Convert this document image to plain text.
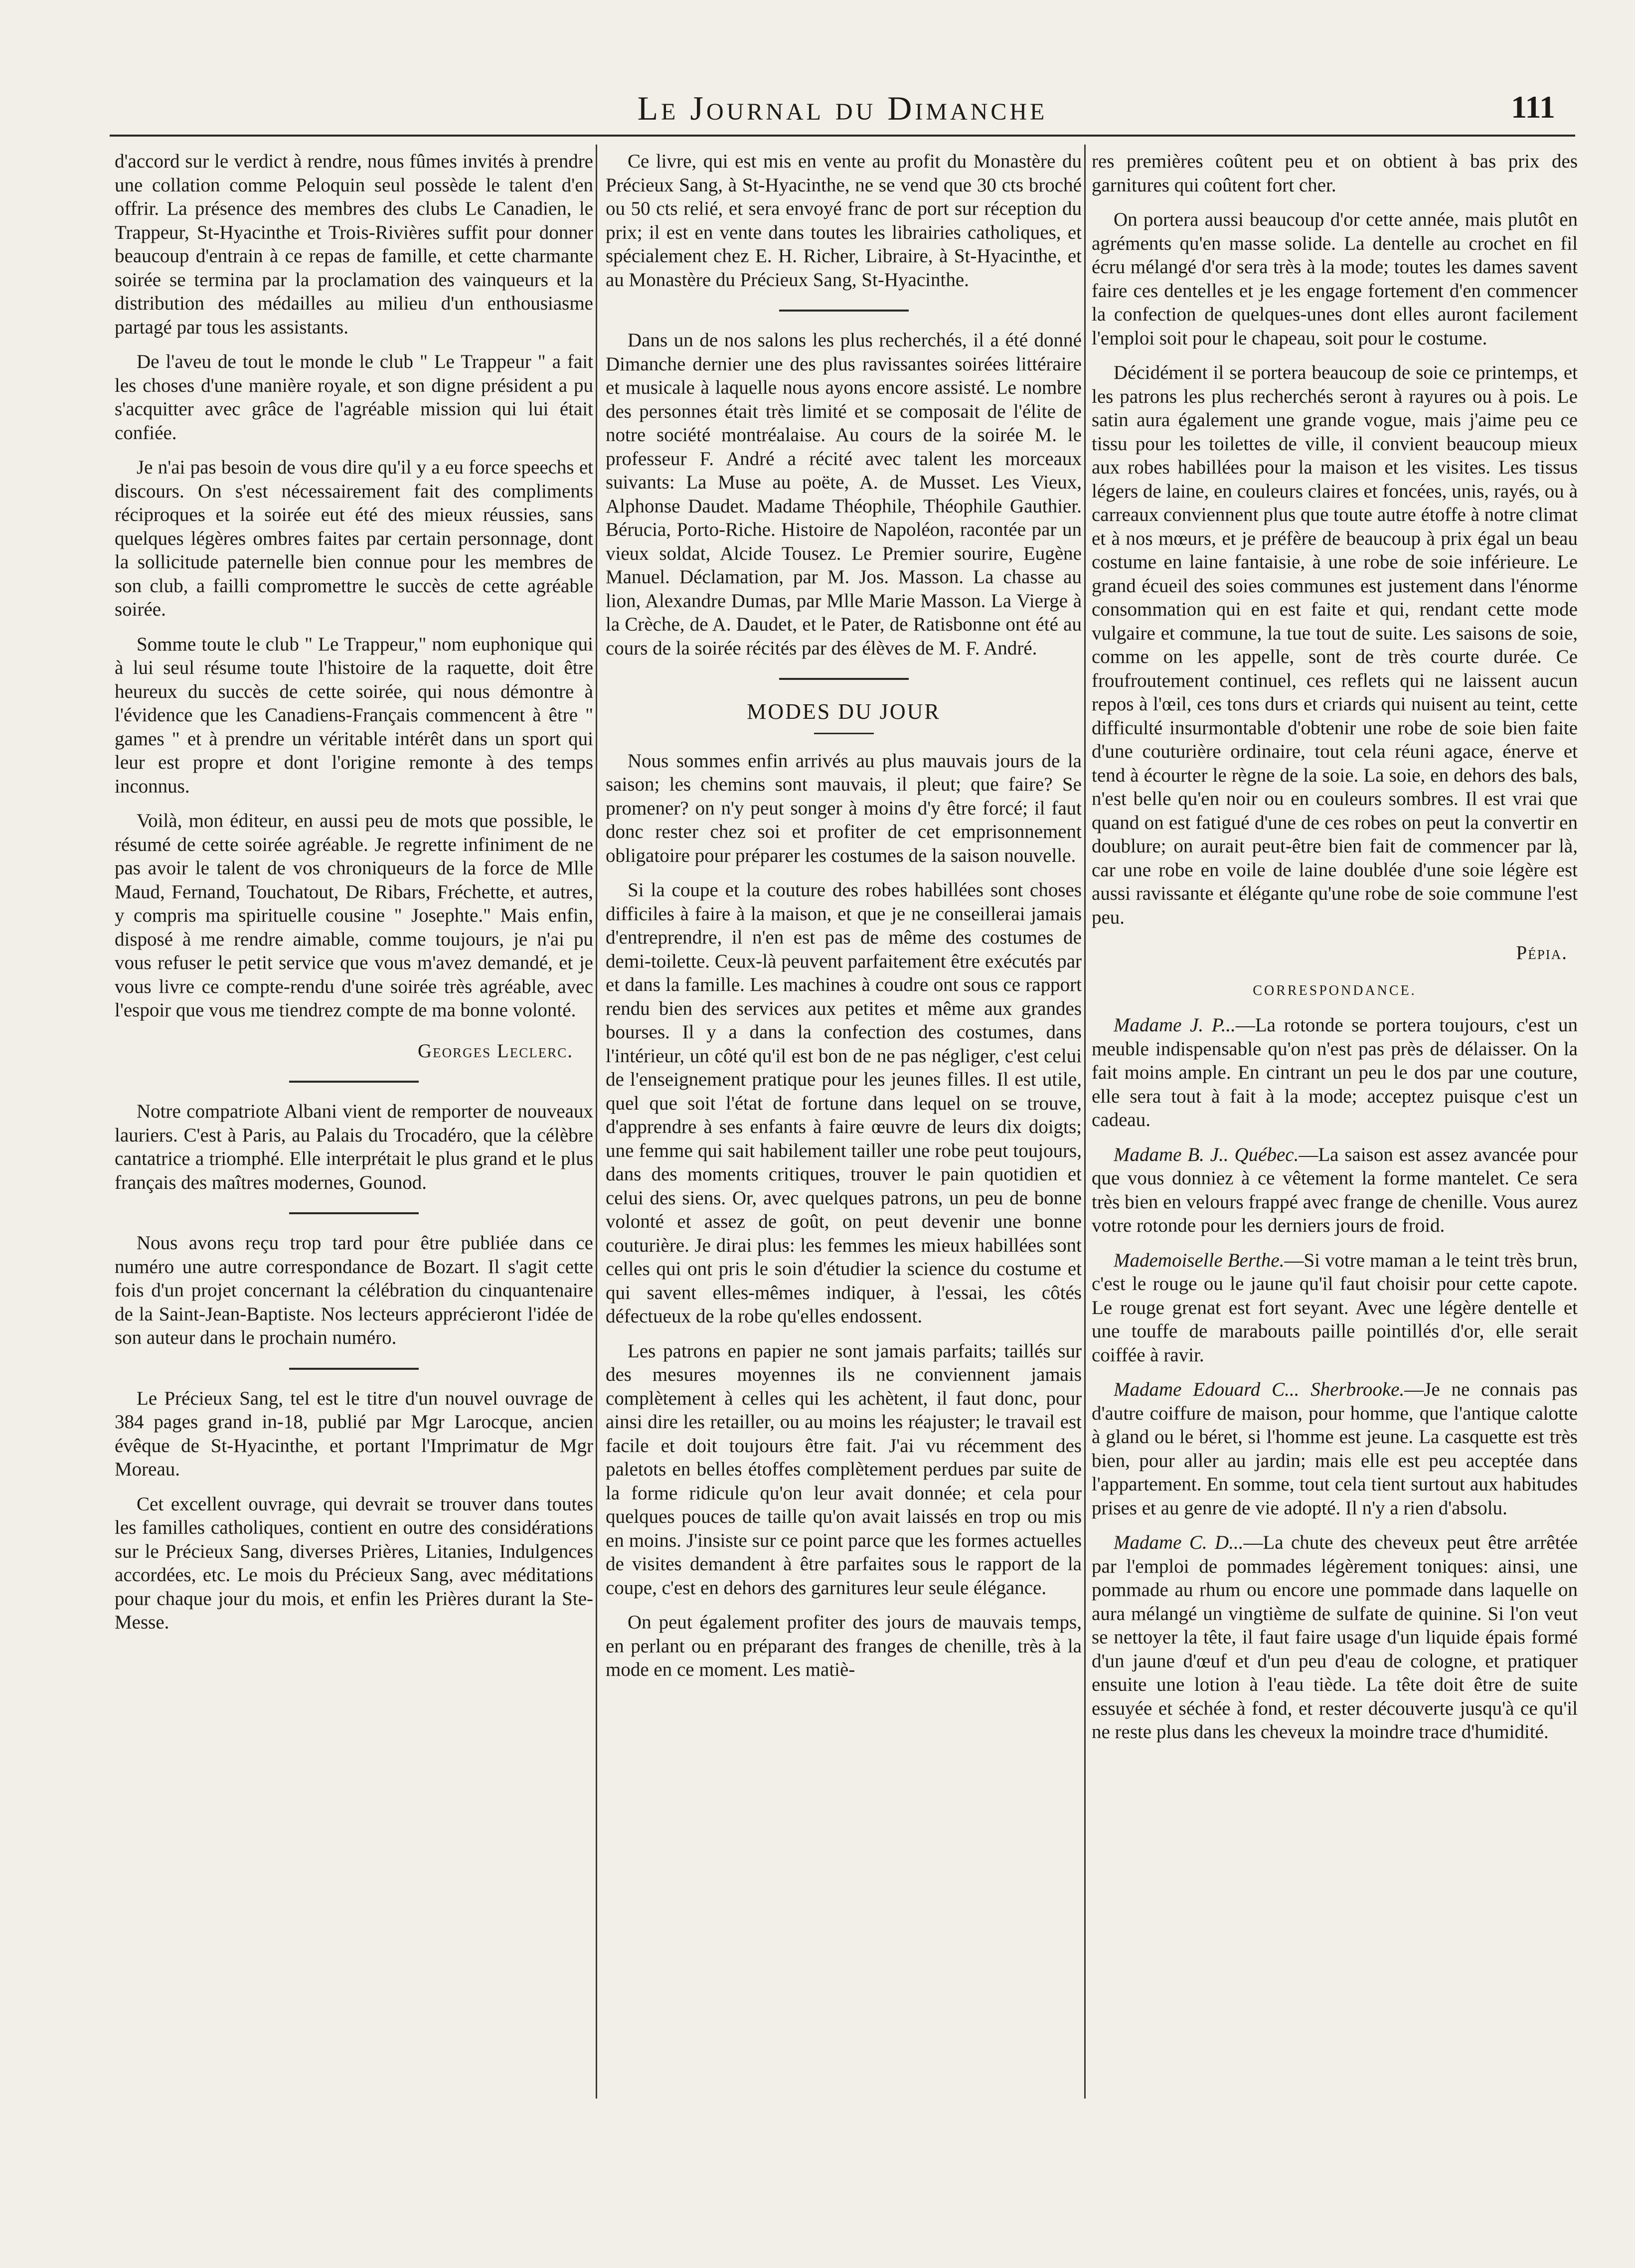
Le Journal du Dimanche	111

d'accord sur le verdict à rendre, nous fûmes invités à prendre une collation comme Peloquin seul possède le talent d'en offrir. La présence des membres des clubs Le Canadien, le Trappeur, St-Hyacinthe et Trois-Rivières suffit pour donner beaucoup d'entrain à ce repas de famille, et cette charmante soirée se termina par la proclamation des vainqueurs et la distribution des médailles au milieu d'un enthousiasme partagé par tous les assistants.

De l'aveu de tout le monde le club " Le Trappeur " a fait les choses d'une manière royale, et son digne président a pu s'acquitter avec grâce de l'agréable mission qui lui était confiée.

Je n'ai pas besoin de vous dire qu'il y a eu force speechs et discours. On s'est nécessairement fait des compliments réciproques et la soirée eut été des mieux réussies, sans quelques légères ombres faites par certain personnage, dont la sollicitude paternelle bien connue pour les membres de son club, a failli compromettre le succès de cette agréable soirée.

Somme toute le club " Le Trappeur," nom euphonique qui à lui seul résume toute l'histoire de la raquette, doit être heureux du succès de cette soirée, qui nous démontre à l'évidence que les Canadiens-Français commencent à être " games " et à prendre un véritable intérêt dans un sport qui leur est propre et dont l'origine remonte à des temps inconnus.

Voilà, mon éditeur, en aussi peu de mots que possible, le résumé de cette soirée agréable. Je regrette infiniment de ne pas avoir le talent de vos chroniqueurs de la force de Mlle Maud, Fernand, Touchatout, De Ribars, Fréchette, et autres, y compris ma spirituelle cousine " Josephte." Mais enfin, disposé à me rendre aimable, comme toujours, je n'ai pu vous refuser le petit service que vous m'avez demandé, et je vous livre ce compte-rendu d'une soirée très agréable, avec l'espoir que vous me tiendrez compte de ma bonne volonté.

Georges Leclerc.

Notre compatriote Albani vient de remporter de nouveaux lauriers. C'est à Paris, au Palais du Trocadéro, que la célèbre cantatrice a triomphé. Elle interprétait le plus grand et le plus français des maîtres modernes, Gounod.

Nous avons reçu trop tard pour être publiée dans ce numéro une autre correspondance de Bozart. Il s'agit cette fois d'un projet concernant la célébration du cinquantenaire de la Saint-Jean-Baptiste. Nos lecteurs apprécieront l'idée de son auteur dans le prochain numéro.

Le Précieux Sang, tel est le titre d'un nouvel ouvrage de 384 pages grand in-18, publié par Mgr Larocque, ancien évêque de St-Hyacinthe, et portant l'Imprimatur de Mgr Moreau.

Cet excellent ouvrage, qui devrait se trouver dans toutes les familles catholiques, contient en outre des considérations sur le Précieux Sang, diverses Prières, Litanies, Indulgences accordées, etc. Le mois du Précieux Sang, avec méditations pour chaque jour du mois, et enfin les Prières durant la Ste-Messe.

Ce livre, qui est mis en vente au profit du Monastère du Précieux Sang, à St-Hyacinthe, ne se vend que 30 cts broché ou 50 cts relié, et sera envoyé franc de port sur réception du prix; il est en vente dans toutes les librairies catholiques, et spécialement chez E. H. Richer, Libraire, à St-Hyacinthe, et au Monastère du Précieux Sang, St-Hyacinthe.

Dans un de nos salons les plus recherchés, il a été donné Dimanche dernier une des plus ravissantes soirées littéraire et musicale à laquelle nous ayons encore assisté. Le nombre des personnes était très limité et se composait de l'élite de notre société montréalaise. Au cours de la soirée M. le professeur F. André a récité avec talent les morceaux suivants: La Muse au poëte, A. de Musset. Les Vieux, Alphonse Daudet. Madame Théophile, Théophile Gauthier. Bérucia, Porto-Riche. Histoire de Napoléon, racontée par un vieux soldat, Alcide Tousez. Le Premier sourire, Eugène Manuel. Déclamation, par M. Jos. Masson. La chasse au lion, Alexandre Dumas, par Mlle Marie Masson. La Vierge à la Crèche, de A. Daudet, et le Pater, de Ratisbonne ont été au cours de la soirée récités par des élèves de M. F. André.

MODES DU JOUR

Nous sommes enfin arrivés au plus mauvais jours de la saison; les chemins sont mauvais, il pleut; que faire? Se promener? on n'y peut songer à moins d'y être forcé; il faut donc rester chez soi et profiter de cet emprisonnement obligatoire pour préparer les costumes de la saison nouvelle.

Si la coupe et la couture des robes habillées sont choses difficiles à faire à la maison, et que je ne conseillerai jamais d'entreprendre, il n'en est pas de même des costumes de demi-toilette. Ceux-là peuvent parfaitement être exécutés par et dans la famille. Les machines à coudre ont sous ce rapport rendu bien des services aux petites et même aux grandes bourses. Il y a dans la confection des costumes, dans l'intérieur, un côté qu'il est bon de ne pas négliger, c'est celui de l'enseignement pratique pour les jeunes filles. Il est utile, quel que soit l'état de fortune dans lequel on se trouve, d'apprendre à ses enfants à faire œuvre de leurs dix doigts; une femme qui sait habilement tailler une robe peut toujours, dans des moments critiques, trouver le pain quotidien et celui des siens. Or, avec quelques patrons, un peu de bonne volonté et assez de goût, on peut devenir une bonne couturière. Je dirai plus: les femmes les mieux habillées sont celles qui ont pris le soin d'étudier la science du costume et qui savent elles-mêmes indiquer, à l'essai, les côtés défectueux de la robe qu'elles endossent.

Les patrons en papier ne sont jamais parfaits; taillés sur des mesures moyennes ils ne conviennent jamais complètement à celles qui les achètent, il faut donc, pour ainsi dire les retailler, ou au moins les réajuster; le travail est facile et doit toujours être fait. J'ai vu récemment des paletots en belles étoffes complètement perdues par suite de la forme ridicule qu'on leur avait donnée; et cela pour quelques pouces de taille qu'on avait laissés en trop ou mis en moins. J'insiste sur ce point parce que les formes actuelles de visites demandent à être parfaites sous le rapport de la coupe, c'est en dehors des garnitures leur seule élégance.

On peut également profiter des jours de mauvais temps, en perlant ou en préparant des franges de chenille, très à la mode en ce moment. Les matiè-

res premières coûtent peu et on obtient à bas prix des garnitures qui coûtent fort cher.

On portera aussi beaucoup d'or cette année, mais plutôt en agréments qu'en masse solide. La dentelle au crochet en fil écru mélangé d'or sera très à la mode; toutes les dames savent faire ces dentelles et je les engage fortement d'en commencer la confection de quelques-unes dont elles auront facilement l'emploi soit pour le chapeau, soit pour le costume.

Décidément il se portera beaucoup de soie ce printemps, et les patrons les plus recherchés seront à rayures ou à pois. Le satin aura également une grande vogue, mais j'aime peu ce tissu pour les toilettes de ville, il convient beaucoup mieux aux robes habillées pour la maison et les visites. Les tissus légers de laine, en couleurs claires et foncées, unis, rayés, ou à carreaux conviennent plus que toute autre étoffe à notre climat et à nos mœurs, et je préfère de beaucoup à prix égal un beau costume en laine fantaisie, à une robe de soie inférieure. Le grand écueil des soies communes est justement dans l'énorme consommation qui en est faite et qui, rendant cette mode vulgaire et commune, la tue tout de suite. Les saisons de soie, comme on les appelle, sont de très courte durée. Ce froufroutement continuel, ces reflets qui ne laissent aucun repos à l'œil, ces tons durs et criards qui nuisent au teint, cette difficulté insurmontable d'obtenir une robe de soie bien faite d'une couturière ordinaire, tout cela réuni agace, énerve et tend à écourter le règne de la soie. La soie, en dehors des bals, n'est belle qu'en noir ou en couleurs sombres. Il est vrai que quand on est fatigué d'une de ces robes on peut la convertir en doublure; on aurait peut-être bien fait de commencer par là, car une robe en voile de laine doublée d'une soie légère est aussi ravissante et élégante qu'une robe de soie commune l'est peu.

Pépia.

CORRESPONDANCE.

Madame J. P...—La rotonde se portera toujours, c'est un meuble indispensable qu'on n'est pas près de délaisser. On la fait moins ample. En cintrant un peu le dos par une couture, elle sera tout à fait à la mode; acceptez puisque c'est un cadeau.

Madame B. J.. Québec.—La saison est assez avancée pour que vous donniez à ce vêtement la forme mantelet. Ce sera très bien en velours frappé avec frange de chenille. Vous aurez votre rotonde pour les derniers jours de froid.

Mademoiselle Berthe.—Si votre maman a le teint très brun, c'est le rouge ou le jaune qu'il faut choisir pour cette capote. Le rouge grenat est fort seyant. Avec une légère dentelle et une touffe de marabouts paille pointillés d'or, elle serait coiffée à ravir.

Madame Edouard C... Sherbrooke.—Je ne connais pas d'autre coiffure de maison, pour homme, que l'antique calotte à gland ou le béret, si l'homme est jeune. La casquette est très bien, pour aller au jardin; mais elle est peu acceptée dans l'appartement. En somme, tout cela tient surtout aux habitudes prises et au genre de vie adopté. Il n'y a rien d'absolu.

Madame C. D...—La chute des cheveux peut être arrêtée par l'emploi de pommades légèrement toniques: ainsi, une pommade au rhum ou encore une pommade dans laquelle on aura mélangé un vingtième de sulfate de quinine. Si l'on veut se nettoyer la tête, il faut faire usage d'un liquide épais formé d'un jaune d'œuf et d'un peu d'eau de cologne, et pratiquer ensuite une lotion à l'eau tiède. La tête doit être de suite essuyée et séchée à fond, et rester découverte jusqu'à ce qu'il ne reste plus dans les cheveux la moindre trace d'humidité.
